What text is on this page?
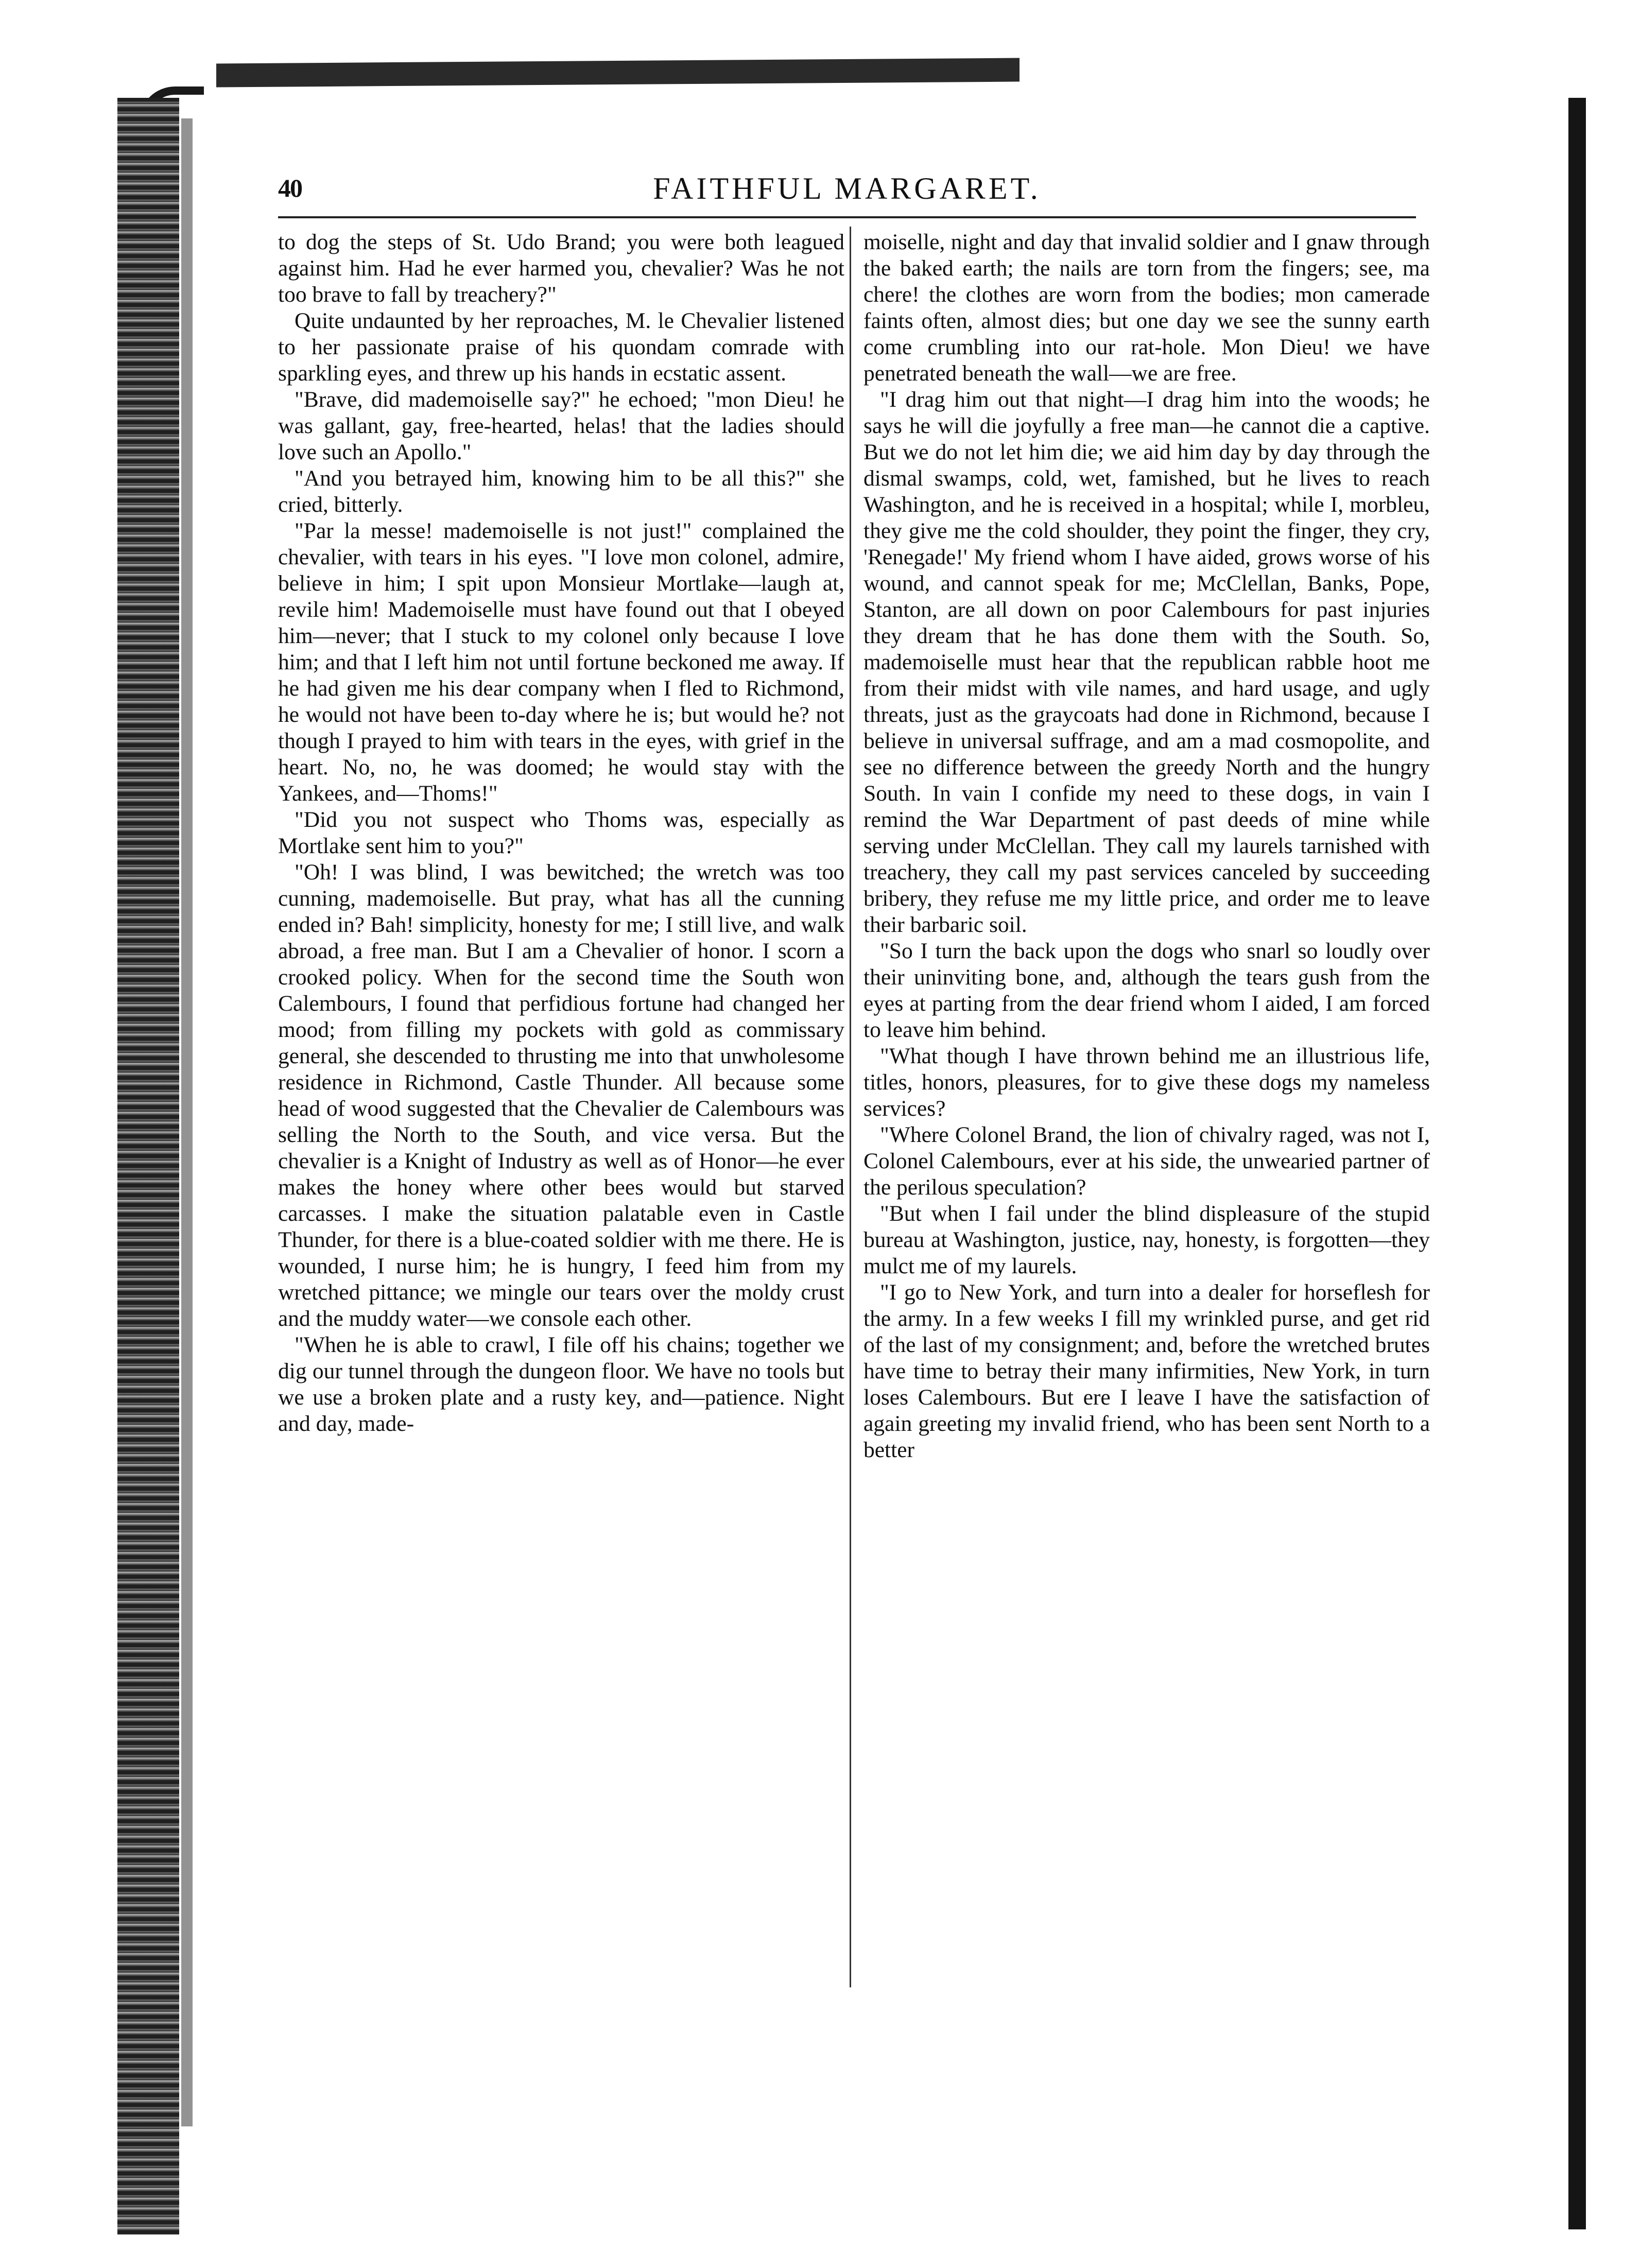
40	FAITHFUL MARGARET.

to dog the steps of St. Udo Brand; you were both leagued against him. Had he ever harmed you, chevalier? Was he not too brave to fall by treachery?"

Quite undaunted by her reproaches, M. le Chevalier listened to her passionate praise of his quondam comrade with sparkling eyes, and threw up his hands in ecstatic assent.

"Brave, did mademoiselle say?" he echoed; "mon Dieu! he was gallant, gay, free-hearted, helas! that the ladies should love such an Apollo."

"And you betrayed him, knowing him to be all this?" she cried, bitterly.

"Par la messe! mademoiselle is not just!" complained the chevalier, with tears in his eyes. "I love mon colonel, admire, believe in him; I spit upon Monsieur Mortlake—laugh at, revile him! Mademoiselle must have found out that I obeyed him—never; that I stuck to my colonel only because I love him; and that I left him not until fortune beckoned me away. If he had given me his dear company when I fled to Richmond, he would not have been to-day where he is; but would he? not though I prayed to him with tears in the eyes, with grief in the heart. No, no, he was doomed; he would stay with the Yankees, and—Thoms!"

"Did you not suspect who Thoms was, especially as Mortlake sent him to you?"

"Oh! I was blind, I was bewitched; the wretch was too cunning, mademoiselle. But pray, what has all the cunning ended in? Bah! simplicity, honesty for me; I still live, and walk abroad, a free man. But I am a Chevalier of honor. I scorn a crooked policy. When for the second time the South won Calembours, I found that perfidious fortune had changed her mood; from filling my pockets with gold as commissary general, she descended to thrusting me into that unwholesome residence in Richmond, Castle Thunder. All because some head of wood suggested that the Chevalier de Calembours was selling the North to the South, and vice versa. But the chevalier is a Knight of Industry as well as of Honor—he ever makes the honey where other bees would but starved carcasses. I make the situation palatable even in Castle Thunder, for there is a blue-coated soldier with me there. He is wounded, I nurse him; he is hungry, I feed him from my wretched pittance; we mingle our tears over the moldy crust and the muddy water—we console each other.

"When he is able to crawl, I file off his chains; together we dig our tunnel through the dungeon floor. We have no tools but we use a broken plate and a rusty key, and—patience. Night and day, made-

moiselle, night and day that invalid soldier and I gnaw through the baked earth; the nails are torn from the fingers; see, ma chere! the clothes are worn from the bodies; mon camerade faints often, almost dies; but one day we see the sunny earth come crumbling into our rat-hole. Mon Dieu! we have penetrated beneath the wall—we are free.

"I drag him out that night—I drag him into the woods; he says he will die joyfully a free man—he cannot die a captive. But we do not let him die; we aid him day by day through the dismal swamps, cold, wet, famished, but he lives to reach Washington, and he is received in a hospital; while I, morbleu, they give me the cold shoulder, they point the finger, they cry, 'Renegade!' My friend whom I have aided, grows worse of his wound, and cannot speak for me; McClellan, Banks, Pope, Stanton, are all down on poor Calembours for past injuries they dream that he has done them with the South. So, mademoiselle must hear that the republican rabble hoot me from their midst with vile names, and hard usage, and ugly threats, just as the graycoats had done in Richmond, because I believe in universal suffrage, and am a mad cosmopolite, and see no difference between the greedy North and the hungry South. In vain I confide my need to these dogs, in vain I remind the War Department of past deeds of mine while serving under McClellan. They call my laurels tarnished with treachery, they call my past services canceled by succeeding bribery, they refuse me my little price, and order me to leave their barbaric soil.

"So I turn the back upon the dogs who snarl so loudly over their uninviting bone, and, although the tears gush from the eyes at parting from the dear friend whom I aided, I am forced to leave him behind.

"What though I have thrown behind me an illustrious life, titles, honors, pleasures, for to give these dogs my nameless services?

"Where Colonel Brand, the lion of chivalry raged, was not I, Colonel Calembours, ever at his side, the unwearied partner of the perilous speculation?

"But when I fail under the blind displeasure of the stupid bureau at Washington, justice, nay, honesty, is forgotten—they mulct me of my laurels.

"I go to New York, and turn into a dealer for horseflesh for the army. In a few weeks I fill my wrinkled purse, and get rid of the last of my consignment; and, before the wretched brutes have time to betray their many infirmities, New York, in turn loses Calembours. But ere I leave I have the satisfaction of again greeting my invalid friend, who has been sent North to a better
